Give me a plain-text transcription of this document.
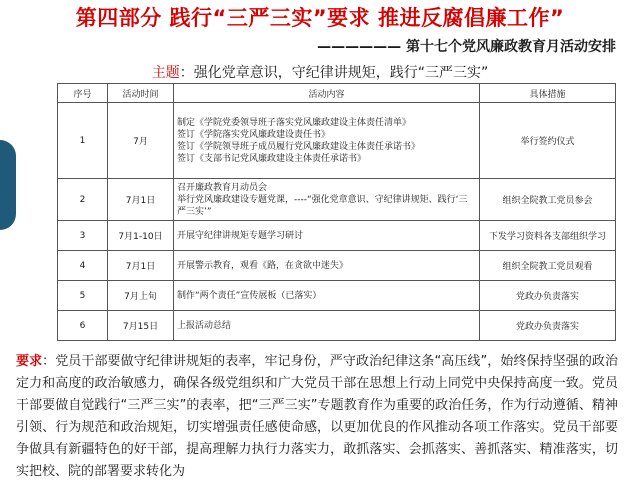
第四部分 践行“三严三实”要求 推进反腐倡廉工作”
—————— 第十七个党风廉政教育月活动安排
主题：强化党章意识，守纪律讲规矩，践行“三严三实”
序号	活动时间	活动内容	具体措施
1	7月	制定《学院党委领导班子落实党风廉政建设主体责任清单》
签订《学院落实党风廉政建设责任书》
签订《学院领导班子成员履行党风廉政建设主体责任承诺书》
签订《支部书记党风廉政建设主体责任承诺书》	举行签约仪式
2	7月1日	召开廉政教育月动员会
举行党风廉政建设专题党课，----“强化党章意识、守纪律讲规矩、践行‘三严三实’”	组织全院教工党员参会
3	7月1-10日	开展守纪律讲规矩专题学习研讨	下发学习资料各支部组织学习
4	7月1日	开展警示教育，观看《路，在贪欲中迷失》	组织全院教工党员观看
5	7月上旬	制作“两个责任”宣传展板（已落实）	党政办负责落实
6	7月15日	上报活动总结	党政办负责落实
要求：党员干部要做守纪律讲规矩的表率，牢记身份，严守政治纪律这条“高压线”，始终保持坚强的政治定力和高度的政治敏感力，确保各级党组织和广大党员干部在思想上行动上同党中央保持高度一致。党员干部要做自觉践行“三严三实”的表率，把“三严三实”专题教育作为重要的政治任务，作为行动遵循、精神引领、行为规范和政治规矩，切实增强责任感使命感，以更加优良的作风推动各项工作落实。党员干部要争做具有新疆特色的好干部，提高理解力执行力落实力，敢抓落实、会抓落实、善抓落实、精准落实，切实把校、院的部署要求转化为
